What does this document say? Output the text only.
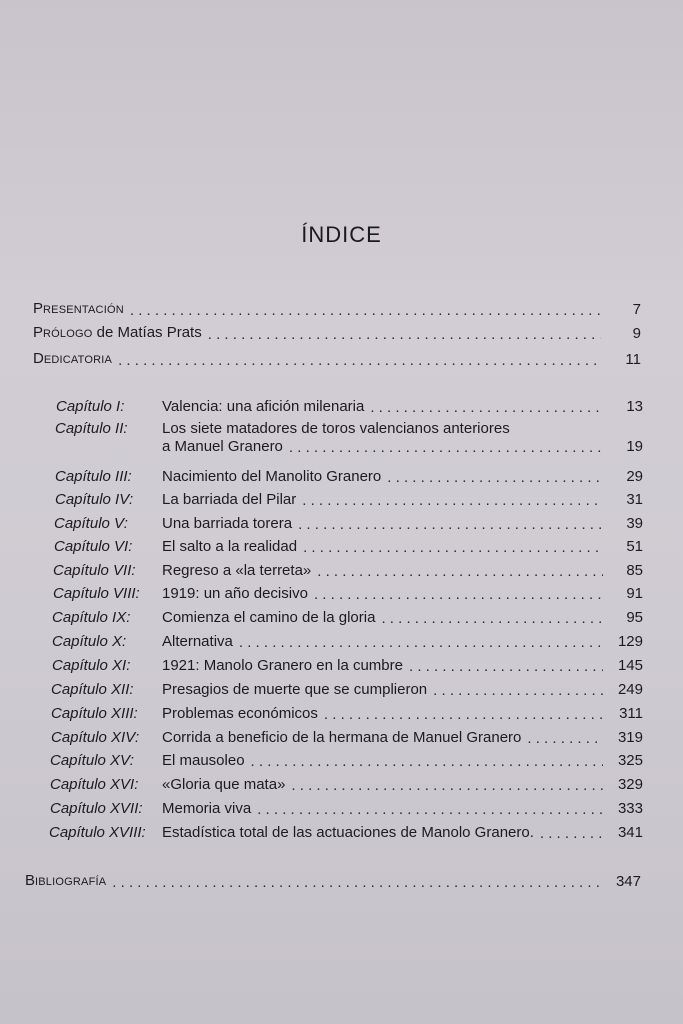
ÍNDICE
PRESENTACIÓN . . .	7
PRÓLOGO de Matías Prats . . .	9
DEDICATORIA . . .	11
Capítulo I:	Valencia: una afición milenaria . . .	13
Capítulo II: Los siete matadores de toros valencianos anteriores
a Manuel Granero . . .	19
Capítulo III:	Nacimiento del Manolito Granero . . .	29
Capítulo IV:	La barriada del Pilar . . .	31
Capítulo V:	Una barriada torera . . .	39
Capítulo VI:	El salto a la realidad . . .	51
Capítulo VII:	Regreso a «la terreta» . . .	85
Capítulo VIII:	1919: un año decisivo . . .	91
Capítulo IX:	Comienza el camino de la gloria . . .	95
Capítulo X:	Alternativa . . .	129
Capítulo XI:	1921: Manolo Granero en la cumbre . . .	145
Capítulo XII:	Presagios de muerte que se cumplieron . . .	249
Capítulo XIII:	Problemas económicos . . .	311
Capítulo XIV:	Corrida a beneficio de la hermana de Manuel Granero . . .	319
Capítulo XV:	El mausoleo . . .	325
Capítulo XVI:	«Gloria que mata» . . .	329
Capítulo XVII:	Memoria viva . . .	333
Capítulo XVIII:	Estadística total de las actuaciones de Manolo Granero. . . .	341
BIBLIOGRAFÍA . . .	347
